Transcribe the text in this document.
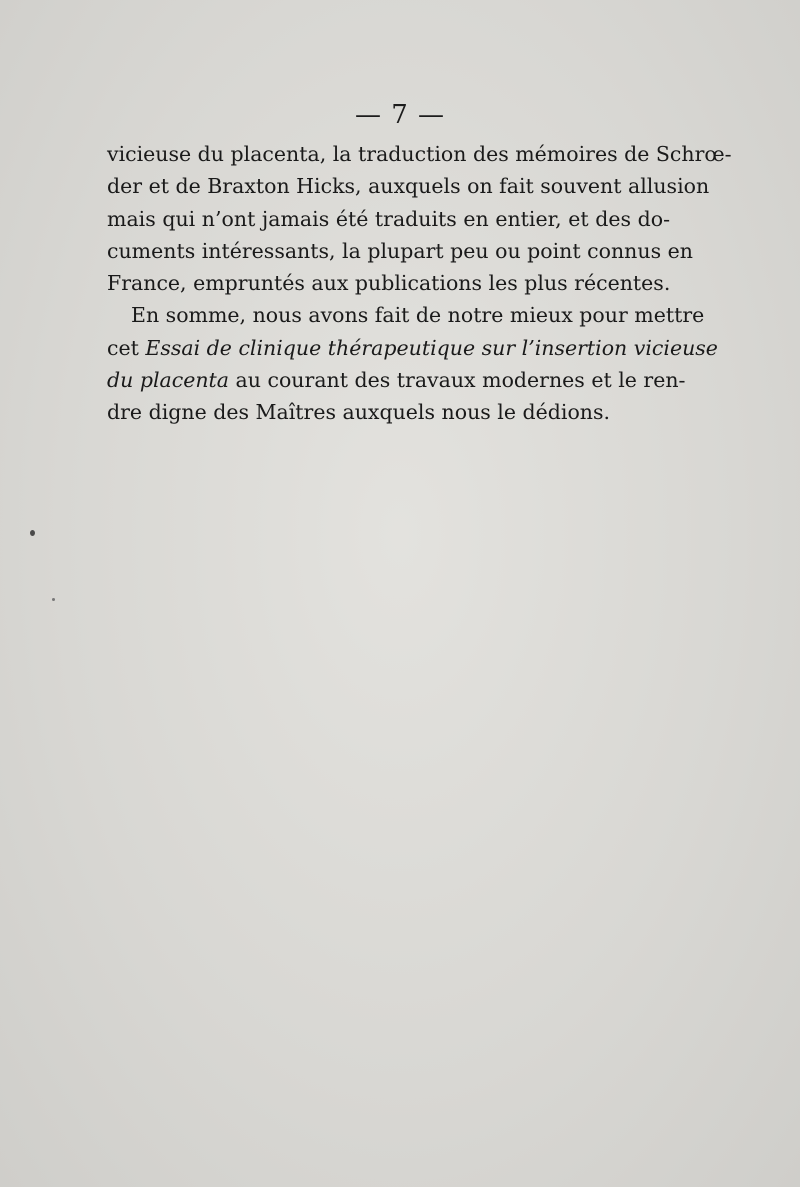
— 7 —
vicieuse du placenta, la traduction des mémoires de Schrœ-
der et de Braxton Hicks, auxquels on fait souvent allusion
mais qui n’ont jamais été traduits en entier, et des do-
cuments intéressants, la plupart peu ou point connus en
France, empruntés aux publications les plus récentes.
En somme, nous avons fait de notre mieux pour mettre
cet Essai de clinique thérapeutique sur l’insertion vicieuse
du placenta au courant des travaux modernes et le ren-
dre digne des Maîtres auxquels nous le dédions.
